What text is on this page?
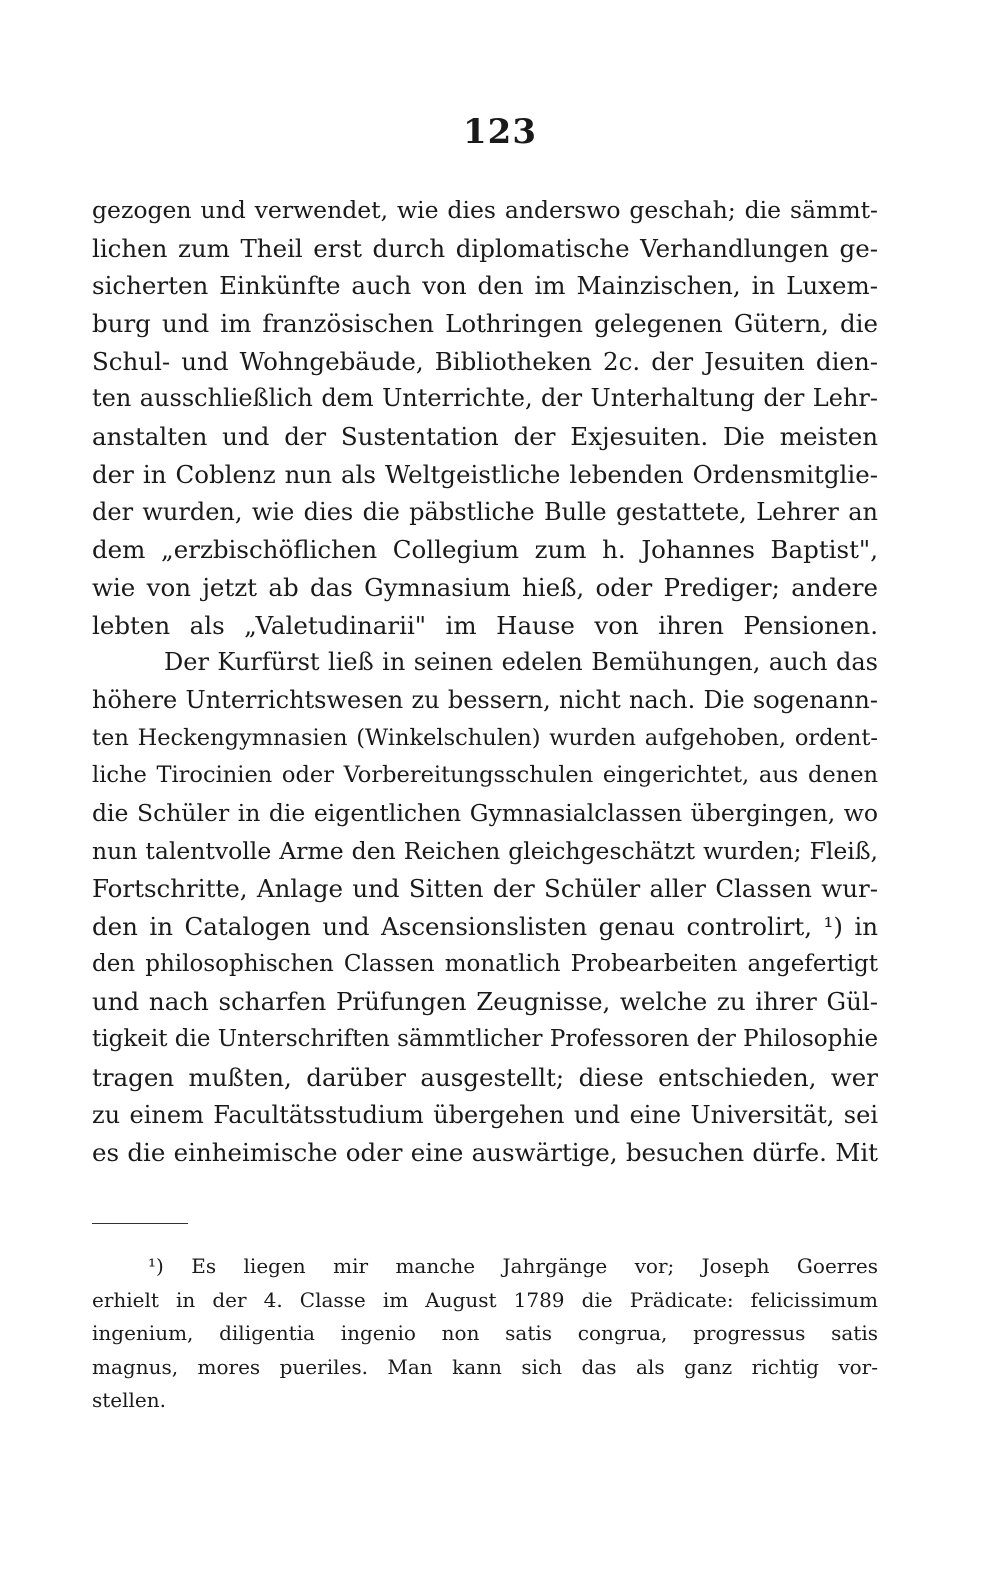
123
gezogen und verwendet, wie dies anderswo geschah; die sämmt-
lichen zum Theil erst durch diplomatische Verhandlungen ge-
sicherten Einkünfte auch von den im Mainzischen, in Luxem-
burg und im französischen Lothringen gelegenen Gütern, die
Schul- und Wohngebäude, Bibliotheken 2c. der Jesuiten dien-
ten ausschließlich dem Unterrichte, der Unterhaltung der Lehr-
anstalten und der Sustentation der Exjesuiten. Die meisten
der in Coblenz nun als Weltgeistliche lebenden Ordensmitglie-
der wurden, wie dies die päbstliche Bulle gestattete, Lehrer an
dem „erzbischöflichen Collegium zum h. Johannes Baptist",
wie von jetzt ab das Gymnasium hieß, oder Prediger; andere
lebten als „Valetudinarii" im Hause von ihren Pensionen.
Der Kurfürst ließ in seinen edelen Bemühungen, auch das
höhere Unterrichtswesen zu bessern, nicht nach. Die sogenann-
ten Heckengymnasien (Winkelschulen) wurden aufgehoben, ordent-
liche Tirocinien oder Vorbereitungsschulen eingerichtet, aus denen
die Schüler in die eigentlichen Gymnasialclassen übergingen, wo
nun talentvolle Arme den Reichen gleichgeschätzt wurden; Fleiß,
Fortschritte, Anlage und Sitten der Schüler aller Classen wur-
den in Catalogen und Ascensionslisten genau controlirt, ¹) in
den philosophischen Classen monatlich Probearbeiten angefertigt
und nach scharfen Prüfungen Zeugnisse, welche zu ihrer Gül-
tigkeit die Unterschriften sämmtlicher Professoren der Philosophie
tragen mußten, darüber ausgestellt; diese entschieden, wer
zu einem Facultätsstudium übergehen und eine Universität, sei
es die einheimische oder eine auswärtige, besuchen dürfe. Mit
¹) Es liegen mir manche Jahrgänge vor; Joseph Goerres
erhielt in der 4. Classe im August 1789 die Prädicate: felicissimum
ingenium, diligentia ingenio non satis congrua, progressus satis
magnus, mores pueriles. Man kann sich das als ganz richtig vor-
stellen.
